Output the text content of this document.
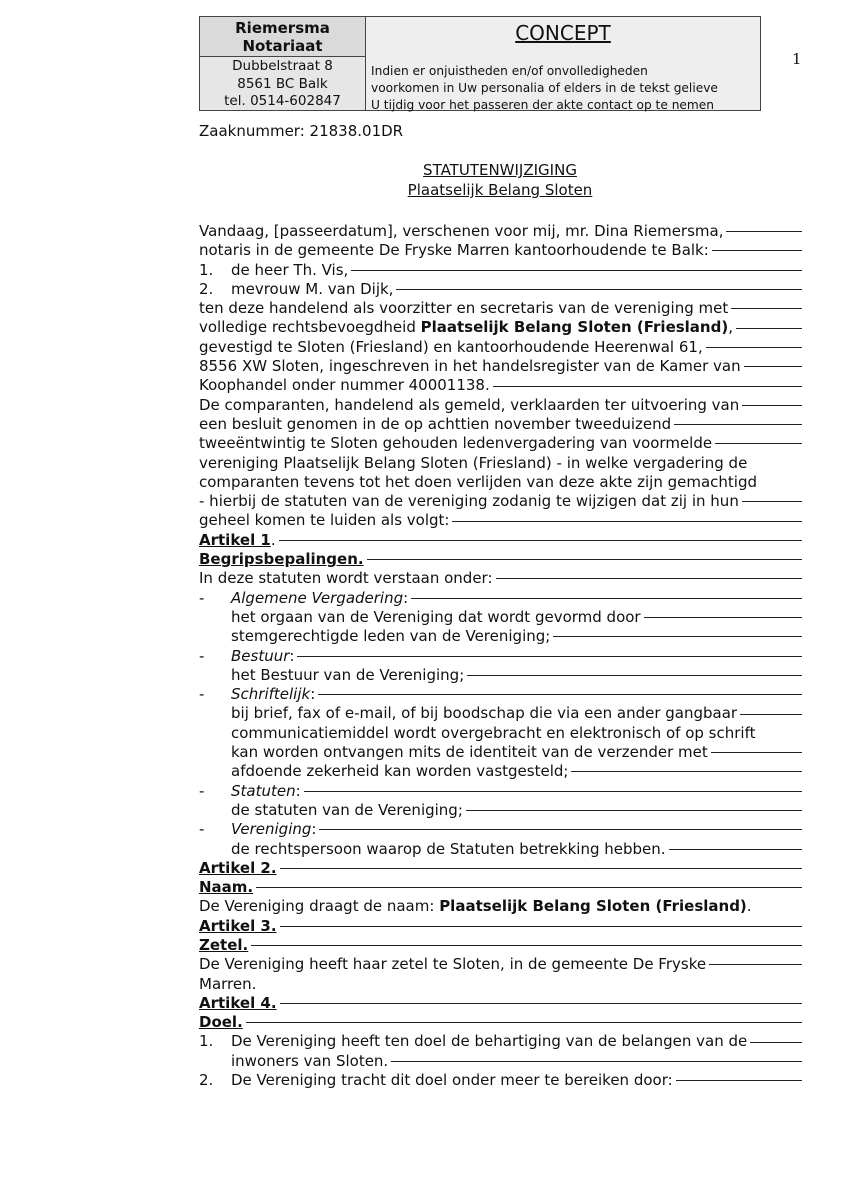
Riemersma
Notariaat
Dubbelstraat 8
8561 BC Balk
tel. 0514-602847
CONCEPT
Indien er onjuistheden en/of onvolledigheden
voorkomen in Uw personalia of elders in de tekst gelieve
U tijdig voor het passeren der akte contact op te nemen
1
Zaaknummer: 21838.01DR
STATUTENWIJZIGING
Plaatselijk Belang Sloten
Vandaag, [passeerdatum], verschenen voor mij, mr. Dina Riemersma,
notaris in de gemeente De Fryske Marren kantoorhoudende te Balk:
1. de heer Th. Vis,
2. mevrouw M. van Dijk,
ten deze handelend als voorzitter en secretaris van de vereniging met
volledige rechtsbevoegdheid Plaatselijk Belang Sloten (Friesland),
gevestigd te Sloten (Friesland) en kantoorhoudende Heerenwal 61,
8556 XW Sloten, ingeschreven in het handelsregister van de Kamer van
Koophandel onder nummer 40001138.
De comparanten, handelend als gemeld, verklaarden ter uitvoering van
een besluit genomen in de op achttien november tweeduizend
tweeëntwintig te Sloten gehouden ledenvergadering van voormelde
vereniging Plaatselijk Belang Sloten (Friesland) - in welke vergadering de
comparanten tevens tot het doen verlijden van deze akte zijn gemachtigd
- hierbij de statuten van de vereniging zodanig te wijzigen dat zij in hun
geheel komen te luiden als volgt:
Artikel 1.
Begripsbepalingen.
In deze statuten wordt verstaan onder:
- Algemene Vergadering:
het orgaan van de Vereniging dat wordt gevormd door
stemgerechtigde leden van de Vereniging;
- Bestuur:
het Bestuur van de Vereniging;
- Schriftelijk:
bij brief, fax of e-mail, of bij boodschap die via een ander gangbaar
communicatiemiddel wordt overgebracht en elektronisch of op schrift
kan worden ontvangen mits de identiteit van de verzender met
afdoende zekerheid kan worden vastgesteld;
- Statuten:
de statuten van de Vereniging;
- Vereniging:
de rechtspersoon waarop de Statuten betrekking hebben.
Artikel 2.
Naam.
De Vereniging draagt de naam: Plaatselijk Belang Sloten (Friesland).
Artikel 3.
Zetel.
De Vereniging heeft haar zetel te Sloten, in de gemeente De Fryske
Marren.
Artikel 4.
Doel.
1. De Vereniging heeft ten doel de behartiging van de belangen van de
inwoners van Sloten.
2. De Vereniging tracht dit doel onder meer te bereiken door:
